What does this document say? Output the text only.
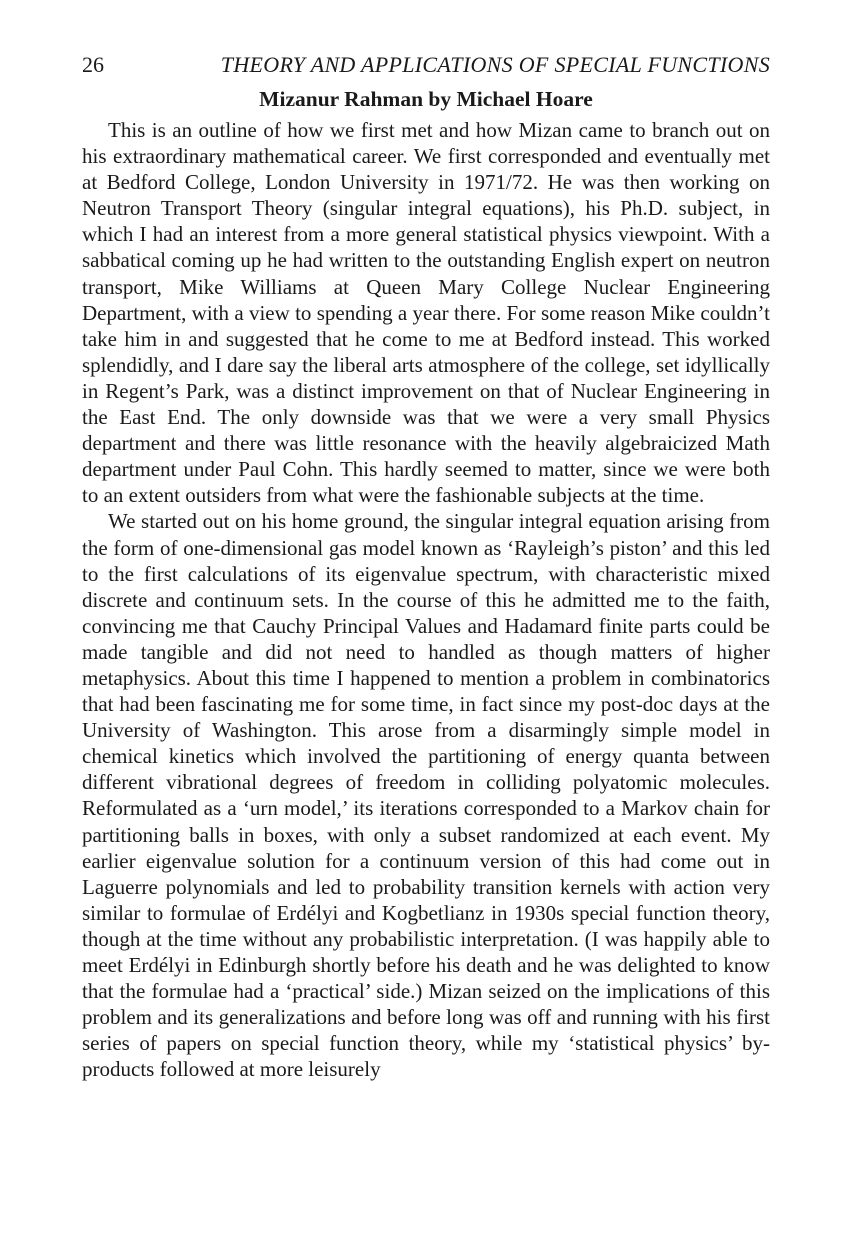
26	THEORY AND APPLICATIONS OF SPECIAL FUNCTIONS
Mizanur Rahman by Michael Hoare

This is an outline of how we first met and how Mizan came to branch out on his extraordinary mathematical career. We first corresponded and eventually met at Bedford College, London University in 1971/72. He was then working on Neutron Transport Theory (singular integral equations), his Ph.D. subject, in which I had an interest from a more general statistical physics viewpoint. With a sabbatical coming up he had written to the outstanding English expert on neutron transport, Mike Williams at Queen Mary College Nuclear Engineering Department, with a view to spending a year there. For some reason Mike couldn’t take him in and suggested that he come to me at Bedford instead. This worked splendidly, and I dare say the liberal arts atmosphere of the college, set idyllically in Regent’s Park, was a distinct improvement on that of Nuclear Engineering in the East End. The only downside was that we were a very small Physics department and there was little resonance with the heavily algebraicized Math department under Paul Cohn. This hardly seemed to matter, since we were both to an extent outsiders from what were the fashionable subjects at the time.

We started out on his home ground, the singular integral equation arising from the form of one-dimensional gas model known as ‘Rayleigh’s piston’ and this led to the first calculations of its eigenvalue spectrum, with characteristic mixed discrete and continuum sets. In the course of this he admitted me to the faith, convincing me that Cauchy Principal Values and Hadamard finite parts could be made tangible and did not need to handled as though matters of higher metaphysics. About this time I happened to mention a problem in combinatorics that had been fascinating me for some time, in fact since my post-doc days at the University of Washington. This arose from a disarmingly simple model in chemical kinetics which involved the partitioning of energy quanta between different vibrational degrees of freedom in colliding polyatomic molecules. Reformulated as a ‘urn model,’ its iterations corresponded to a Markov chain for partitioning balls in boxes, with only a subset randomized at each event. My earlier eigenvalue solution for a continuum version of this had come out in Laguerre polynomials and led to probability transition kernels with action very similar to formulae of Erdélyi and Kogbetlianz in 1930s special function theory, though at the time without any probabilistic interpretation. (I was happily able to meet Erdélyi in Edinburgh shortly before his death and he was delighted to know that the formulae had a ‘practical’ side.) Mizan seized on the implications of this problem and its generalizations and before long was off and running with his first series of papers on special function theory, while my ‘statistical physics’ by-products followed at more leisurely
